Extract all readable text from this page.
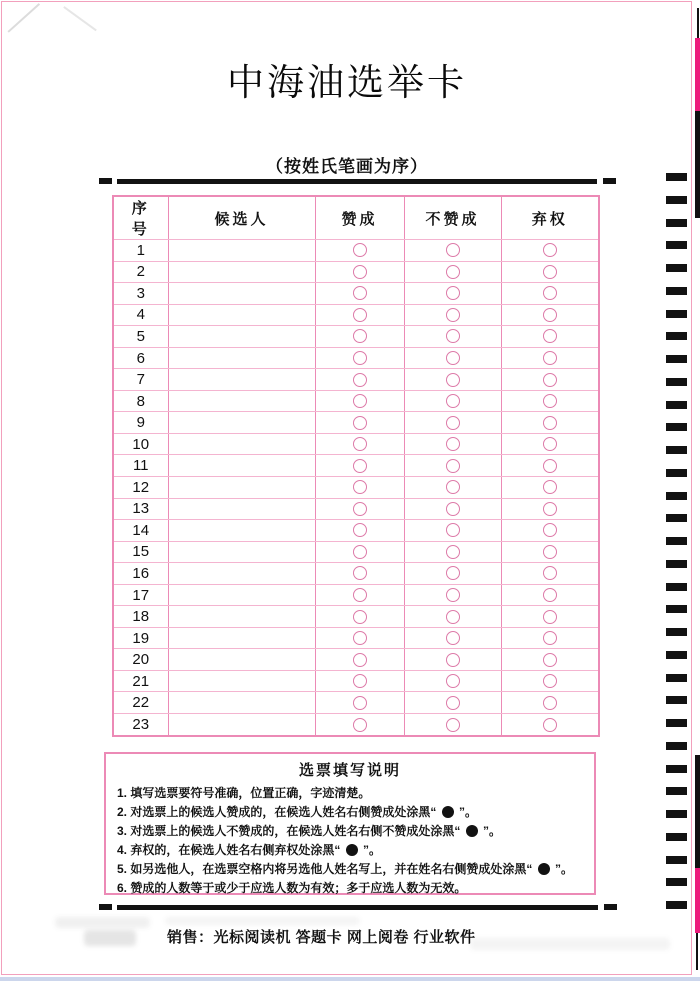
中海油选举卡
（按姓氏笔画为序）
序　号	候选人	赞成	不赞成	弃权
1		

2		

3		

4		

5		

6		

7		

8		

9		

10		

11		

12		

13		

14		

15		

16		

17		

18		

19		

20		

21		

22		

23		

选票填写说明
1. 填写选票要符号准确，位置正确，字迹清楚。
2. 对选票上的候选人赞成的，在候选人姓名右侧赞成处涂黑“  ”。
3. 对选票上的候选人不赞成的，在候选人姓名右侧不赞成处涂黑“  ”。
4. 弃权的，在候选人姓名右侧弃权处涂黑“  ”。
5. 如另选他人，在选票空格内将另选他人姓名写上，并在姓名右侧赞成处涂黑“  ”。
6. 赞成的人数等于或少于应选人数为有效；多于应选人数为无效。
销售：光标阅读机 答题卡 网上阅卷 行业软件
